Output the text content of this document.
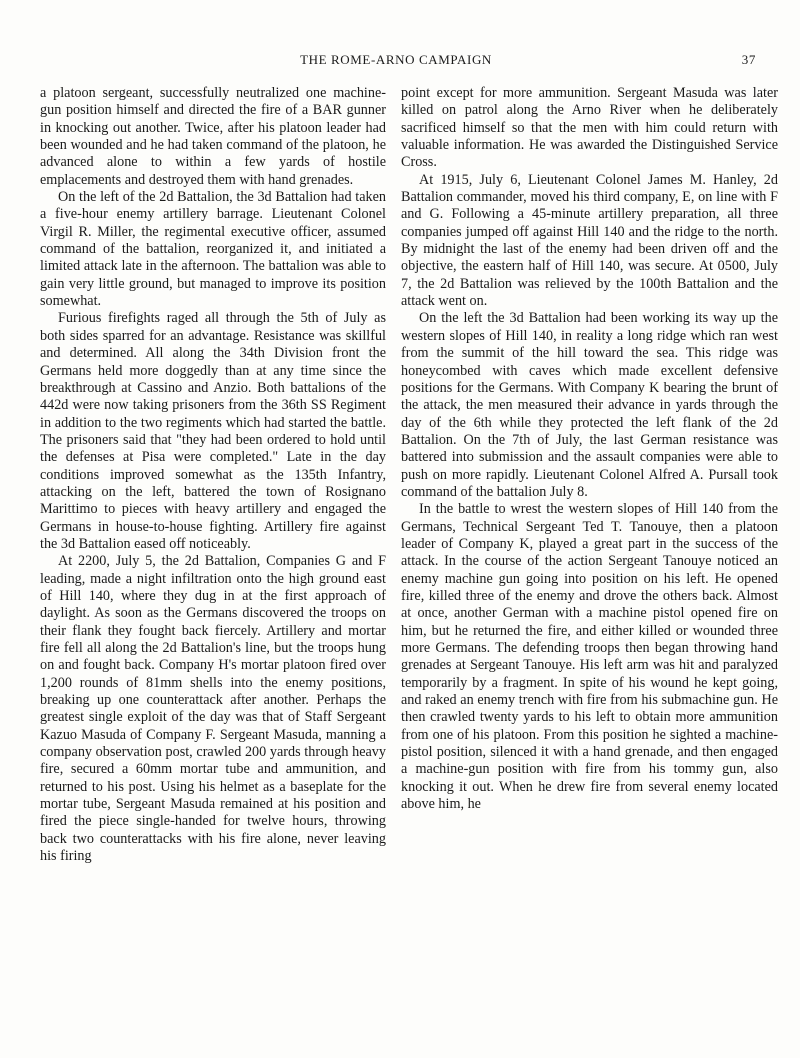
THE ROME-ARNO CAMPAIGN	37

a platoon sergeant, successfully neutralized one machine-gun position himself and directed the fire of a BAR gunner in knocking out another. Twice, after his platoon leader had been wounded and he had taken command of the platoon, he advanced alone to within a few yards of hostile emplacements and destroyed them with hand grenades.

On the left of the 2d Battalion, the 3d Battalion had taken a five-hour enemy artillery barrage. Lieutenant Colonel Virgil R. Miller, the regimental executive officer, assumed command of the battalion, reorganized it, and initiated a limited attack late in the afternoon. The battalion was able to gain very little ground, but managed to improve its position somewhat.

Furious firefights raged all through the 5th of July as both sides sparred for an advantage. Resistance was skillful and determined. All along the 34th Division front the Germans held more doggedly than at any time since the breakthrough at Cassino and Anzio. Both battalions of the 442d were now taking prisoners from the 36th SS Regiment in addition to the two regiments which had started the battle. The prisoners said that "they had been ordered to hold until the defenses at Pisa were completed." Late in the day conditions improved somewhat as the 135th Infantry, attacking on the left, battered the town of Rosignano Marittimo to pieces with heavy artillery and engaged the Germans in house-to-house fighting. Artillery fire against the 3d Battalion eased off noticeably.

At 2200, July 5, the 2d Battalion, Companies G and F leading, made a night infiltration onto the high ground east of Hill 140, where they dug in at the first approach of daylight. As soon as the Germans discovered the troops on their flank they fought back fiercely. Artillery and mortar fire fell all along the 2d Battalion's line, but the troops hung on and fought back. Company H's mortar platoon fired over 1,200 rounds of 81mm shells into the enemy positions, breaking up one counterattack after another. Perhaps the greatest single exploit of the day was that of Staff Sergeant Kazuo Masuda of Company F. Sergeant Masuda, manning a company observation post, crawled 200 yards through heavy fire, secured a 60mm mortar tube and ammunition, and returned to his post. Using his helmet as a baseplate for the mortar tube, Sergeant Masuda remained at his position and fired the piece single-handed for twelve hours, throwing back two counterattacks with his fire alone, never leaving his firing

point except for more ammunition. Sergeant Masuda was later killed on patrol along the Arno River when he deliberately sacrificed himself so that the men with him could return with valuable information. He was awarded the Distinguished Service Cross.

At 1915, July 6, Lieutenant Colonel James M. Hanley, 2d Battalion commander, moved his third company, E, on line with F and G. Following a 45-minute artillery preparation, all three companies jumped off against Hill 140 and the ridge to the north. By midnight the last of the enemy had been driven off and the objective, the eastern half of Hill 140, was secure. At 0500, July 7, the 2d Battalion was relieved by the 100th Battalion and the attack went on.

On the left the 3d Battalion had been working its way up the western slopes of Hill 140, in reality a long ridge which ran west from the summit of the hill toward the sea. This ridge was honeycombed with caves which made excellent defensive positions for the Germans. With Company K bearing the brunt of the attack, the men measured their advance in yards through the day of the 6th while they protected the left flank of the 2d Battalion. On the 7th of July, the last German resistance was battered into submission and the assault companies were able to push on more rapidly. Lieutenant Colonel Alfred A. Pursall took command of the battalion July 8.

In the battle to wrest the western slopes of Hill 140 from the Germans, Technical Sergeant Ted T. Tanouye, then a platoon leader of Company K, played a great part in the success of the attack. In the course of the action Sergeant Tanouye noticed an enemy machine gun going into position on his left. He opened fire, killed three of the enemy and drove the others back. Almost at once, another German with a machine pistol opened fire on him, but he returned the fire, and either killed or wounded three more Germans. The defending troops then began throwing hand grenades at Sergeant Tanouye. His left arm was hit and paralyzed temporarily by a fragment. In spite of his wound he kept going, and raked an enemy trench with fire from his submachine gun. He then crawled twenty yards to his left to obtain more ammunition from one of his platoon. From this position he sighted a machine-pistol position, silenced it with a hand grenade, and then engaged a machine-gun position with fire from his tommy gun, also knocking it out. When he drew fire from several enemy located above him, he
